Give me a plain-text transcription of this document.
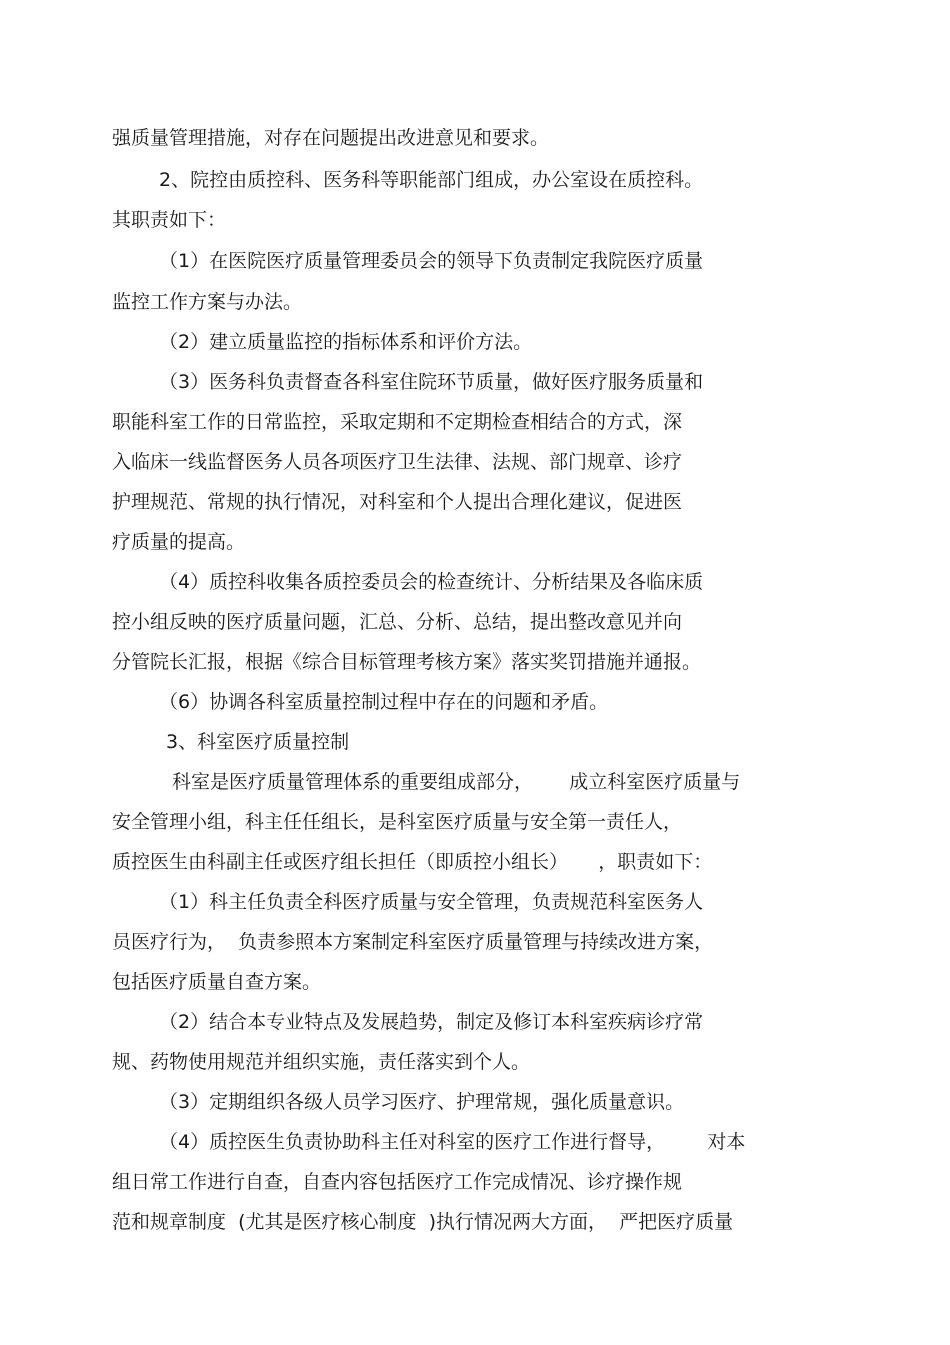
强质量管理措施，对存在问题提出改进意见和要求。
2、院控由质控科、医务科等职能部门组成，办公室设在质控科。
其职责如下：
（1）在医院医疗质量管理委员会的领导下负责制定我院医疗质量
监控工作方案与办法。
（2）建立质量监控的指标体系和评价方法。
（3）医务科负责督查各科室住院环节质量，做好医疗服务质量和
职能科室工作的日常监控，采取定期和不定期检查相结合的方式，深
入临床一线监督医务人员各项医疗卫生法律、法规、部门规章、诊疗
护理规范、常规的执行情况，对科室和个人提出合理化建议，促进医
疗质量的提高。
（4）质控科收集各质控委员会的检查统计、分析结果及各临床质
控小组反映的医疗质量问题，汇总、分析、总结，提出整改意见并向
分管院长汇报，根据《综合目标管理考核方案》落实奖罚措施并通报。
（6）协调各科室质量控制过程中存在的问题和矛盾。
3、科室医疗质量控制
科室是医疗质量管理体系的重要组成部分，      成立科室医疗质量与
安全管理小组，科主任任组长，是科室医疗质量与安全第一责任人，
质控医生由科副主任或医疗组长担任（即质控小组长）     ，职责如下：
（1）科主任负责全科医疗质量与安全管理，负责规范科室医务人
员医疗行为，  负责参照本方案制定科室医疗质量管理与持续改进方案，
包括医疗质量自查方案。
（2）结合本专业特点及发展趋势，制定及修订本科室疾病诊疗常
规、药物使用规范并组织实施，责任落实到个人。
（3）定期组织各级人员学习医疗、护理常规，强化质量意识。
（4）质控医生负责协助科主任对科室的医疗工作进行督导，       对本
组日常工作进行自查，自查内容包括医疗工作完成情况、诊疗操作规
范和规章制度  (尤其是医疗核心制度  )执行情况两大方面，  严把医疗质量
